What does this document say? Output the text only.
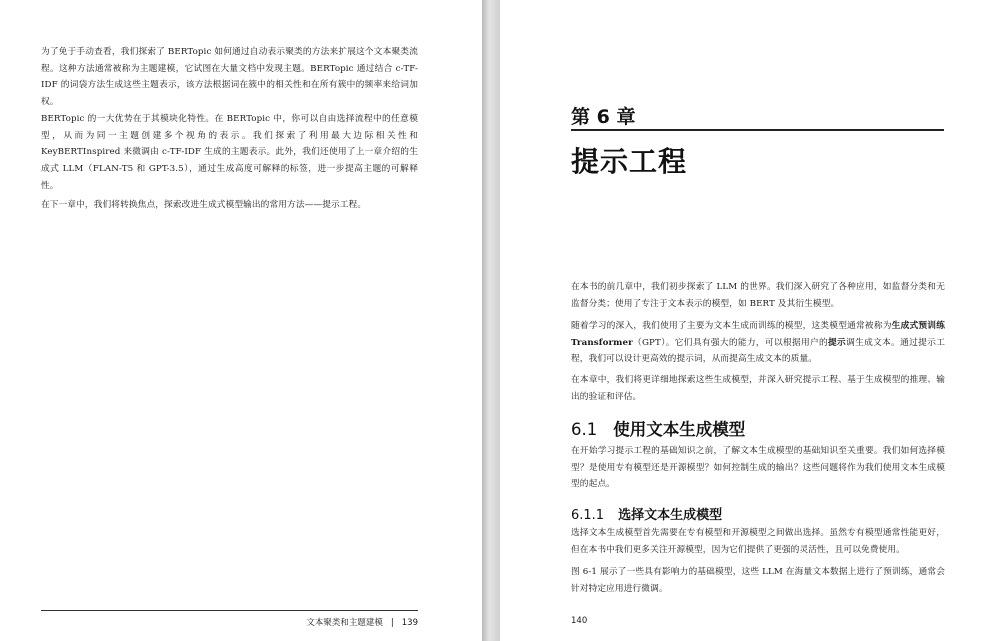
为了免于手动查看，我们探索了 BERTopic 如何通过自动表示聚类的方法来扩展这个文本聚类流程。这种方法通常被称为主题建模，它试图在大量文档中发现主题。BERTopic 通过结合 c-TF-IDF 的词袋方法生成这些主题表示，该方法根据词在簇中的相关性和在所有簇中的频率来给词加权。

BERTopic 的一大优势在于其模块化特性。在 BERTopic 中，你可以自由选择流程中的任意模型，从而为同一主题创建多个视角的表示。我们探索了利用最大边际相关性和 KeyBERTInspired 来微调由 c-TF-IDF 生成的主题表示。此外，我们还使用了上一章介绍的生成式 LLM（FLAN-T5 和 GPT-3.5），通过生成高度可解释的标签，进一步提高主题的可解释性。

在下一章中，我们将转换焦点，探索改进生成式模型输出的常用方法——提示工程。

文本聚类和主题建模 | 139
第 6 章
提示工程

在本书的前几章中，我们初步探索了 LLM 的世界。我们深入研究了各种应用，如监督分类和无监督分类；使用了专注于文本表示的模型，如 BERT 及其衍生模型。

随着学习的深入，我们使用了主要为文本生成而训练的模型，这类模型通常被称为生成式预训练 Transformer（GPT）。它们具有强大的能力，可以根据用户的提示调生成文本。通过提示工程，我们可以设计更高效的提示词，从而提高生成文本的质量。

在本章中，我们将更详细地探索这些生成模型，并深入研究提示工程、基于生成模型的推理、输出的验证和评估。

6.1 使用文本生成模型

在开始学习提示工程的基础知识之前，了解文本生成模型的基础知识至关重要。我们如何选择模型？是使用专有模型还是开源模型？如何控制生成的输出？这些问题将作为我们使用文本生成模型的起点。

6.1.1 选择文本生成模型

选择文本生成模型首先需要在专有模型和开源模型之间做出选择。虽然专有模型通常性能更好，但在本书中我们更多关注开源模型，因为它们提供了更强的灵活性，且可以免费使用。

图 6-1 展示了一些具有影响力的基础模型，这些 LLM 在海量文本数据上进行了预训练，通常会针对特定应用进行微调。

140
